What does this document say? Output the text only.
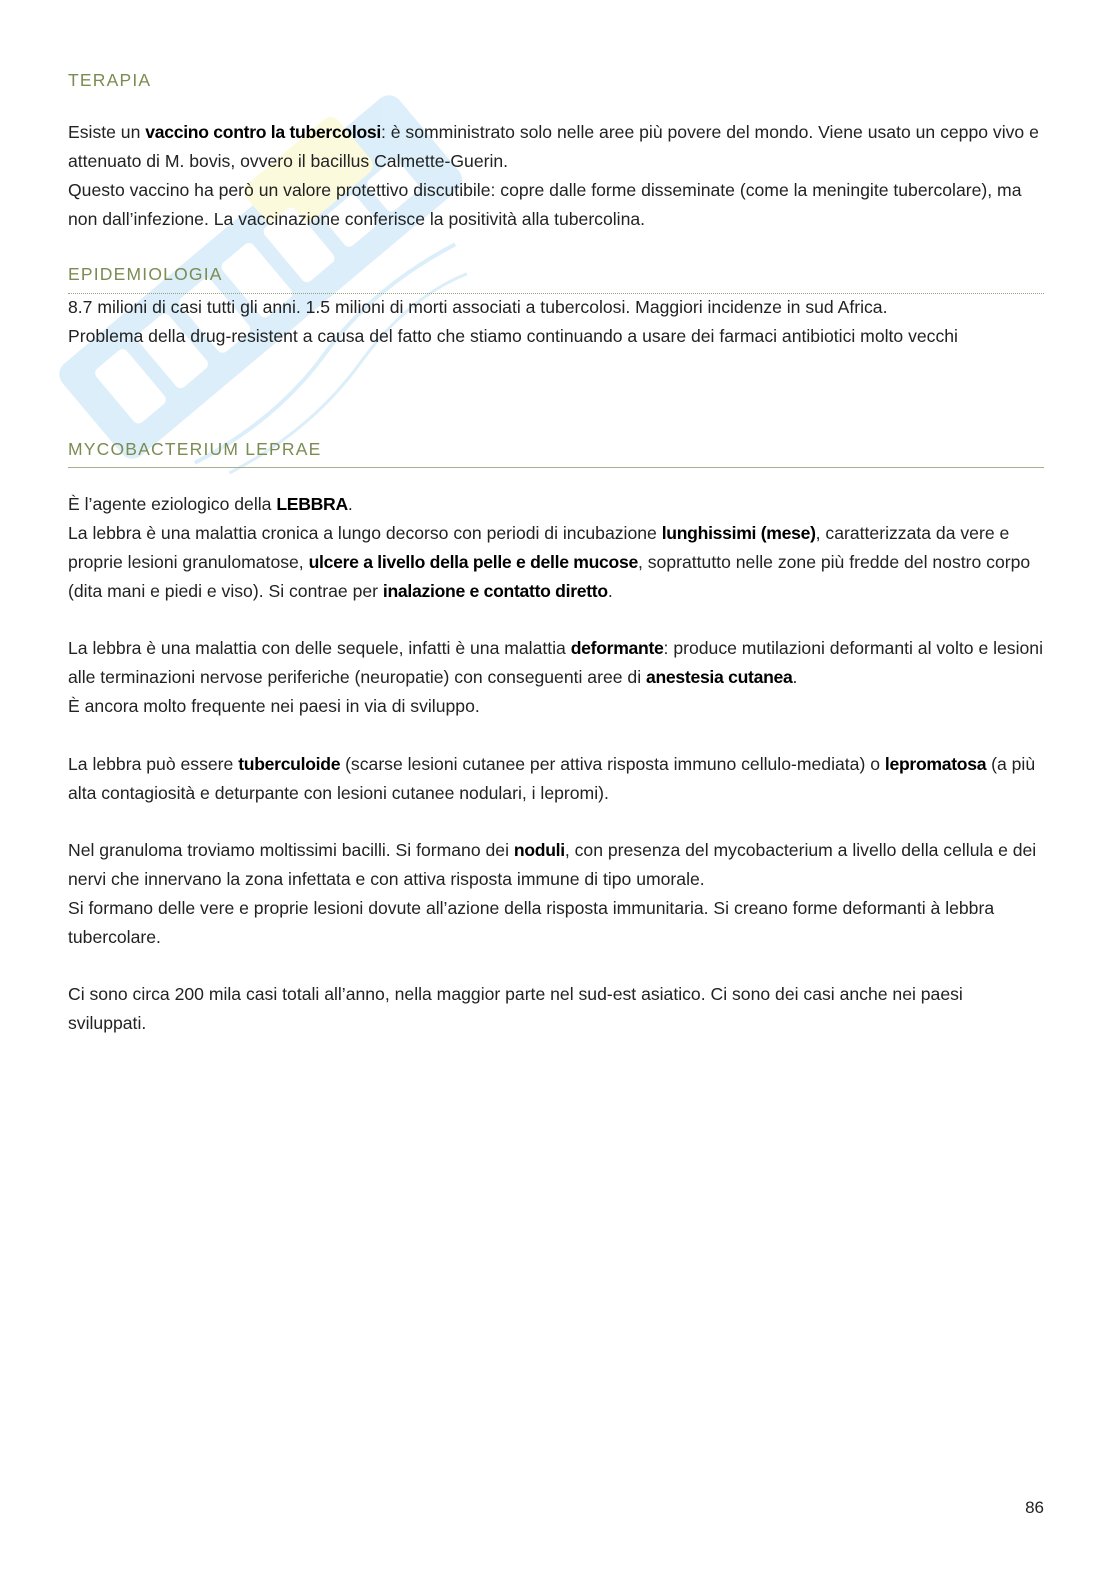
TERAPIA
Esiste un vaccino contro la tubercolosi: è somministrato solo nelle aree più povere del mondo. Viene usato un ceppo vivo e attenuato di M. bovis, ovvero il bacillus Calmette-Guerin.
Questo vaccino ha però un valore protettivo discutibile: copre dalle forme disseminate (come la meningite tubercolare), ma non dall’infezione. La vaccinazione conferisce la positività alla tubercolina.
EPIDEMIOLOGIA
8.7 milioni di casi tutti gli anni. 1.5 milioni di morti associati a tubercolosi. Maggiori incidenze in sud Africa.
Problema della drug-resistent a causa del fatto che stiamo continuando a usare dei farmaci antibiotici molto vecchi
MYCOBACTERIUM LEPRAE
È l’agente eziologico della LEBBRA.
La lebbra è una malattia cronica a lungo decorso con periodi di incubazione lunghissimi (mese), caratterizzata da vere e proprie lesioni granulomatose, ulcere a livello della pelle e delle mucose, soprattutto nelle zone più fredde del nostro corpo (dita mani e piedi e viso). Si contrae per inalazione e contatto diretto.
La lebbra è una malattia con delle sequele, infatti è una malattia deformante: produce mutilazioni deformanti al volto e lesioni alle terminazioni nervose periferiche (neuropatie) con conseguenti aree di anestesia cutanea.
È ancora molto frequente nei paesi in via di sviluppo.
La lebbra può essere tuberculoide (scarse lesioni cutanee per attiva risposta immuno cellulo-mediata) o lepromatosa (a più alta contagiosità e deturpante con lesioni cutanee nodulari, i lepromi).
Nel granuloma troviamo moltissimi bacilli. Si formano dei noduli, con presenza del mycobacterium a livello della cellula e dei nervi che innervano la zona infettata e con attiva risposta immune di tipo umorale.
Si formano delle vere e proprie lesioni dovute all’azione della risposta immunitaria. Si creano forme deformanti à lebbra tubercolare.
Ci sono circa 200 mila casi totali all’anno, nella maggior parte nel sud-est asiatico. Ci sono dei casi anche nei paesi sviluppati.
86
